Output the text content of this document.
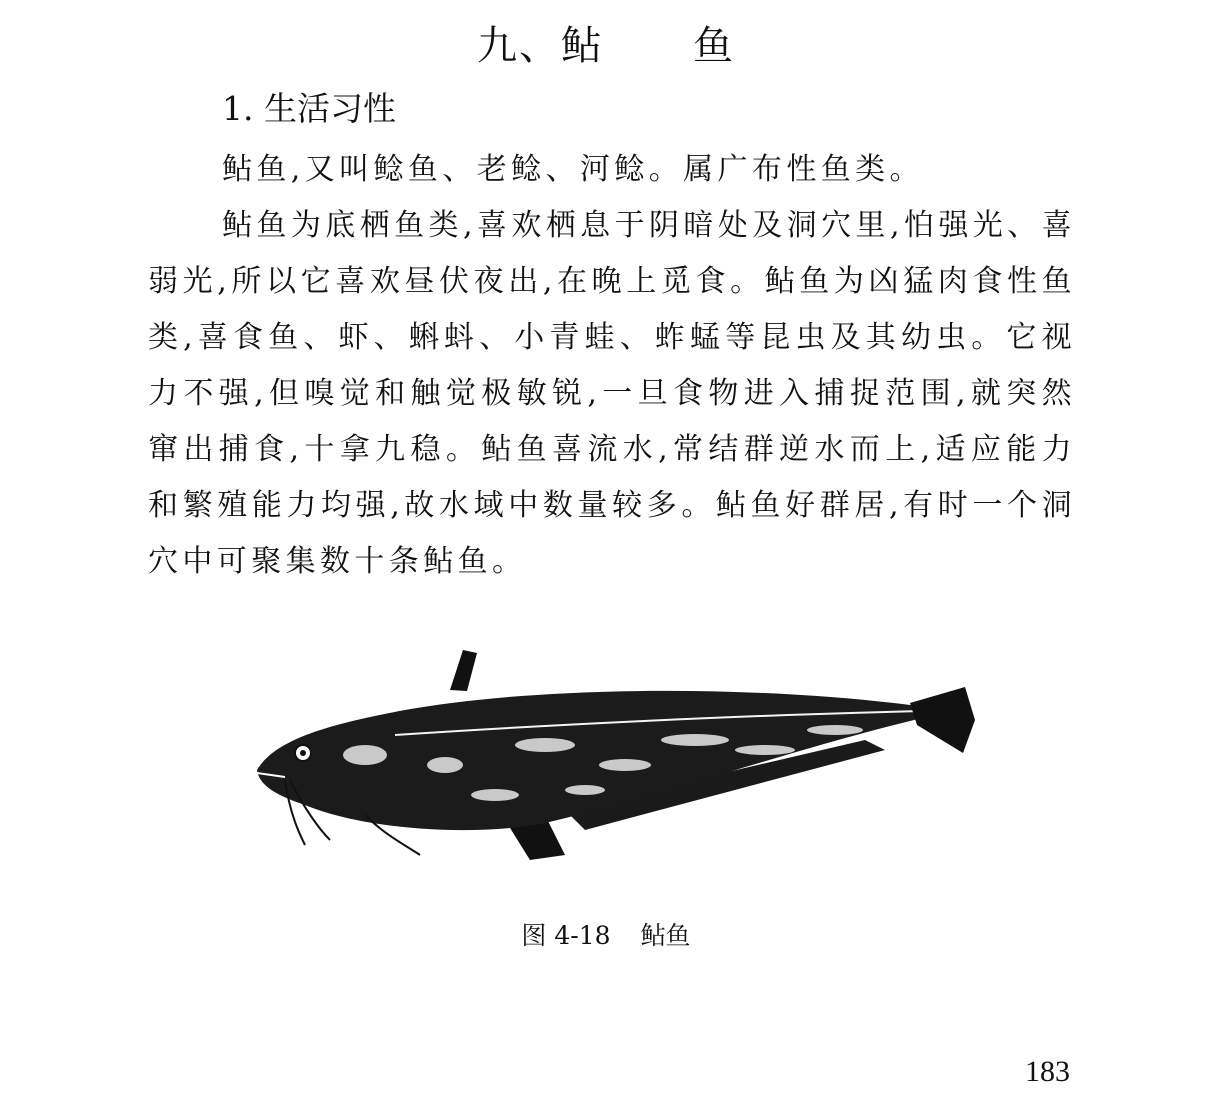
九、鲇 鱼
1. 生活习性

鲇鱼,又叫鲶鱼、老鲶、河鲶。属广布性鱼类。

鲇鱼为底栖鱼类,喜欢栖息于阴暗处及洞穴里,怕强光、喜弱光,所以它喜欢昼伏夜出,在晚上觅食。鲇鱼为凶猛肉食性鱼类,喜食鱼、虾、蝌蚪、小青蛙、蚱蜢等昆虫及其幼虫。它视力不强,但嗅觉和触觉极敏锐,一旦食物进入捕捉范围,就突然窜出捕食,十拿九稳。鲇鱼喜流水,常结群逆水而上,适应能力和繁殖能力均强,故水域中数量较多。鲇鱼好群居,有时一个洞穴中可聚集数十条鲇鱼。

图 4-18 鲇鱼
183
